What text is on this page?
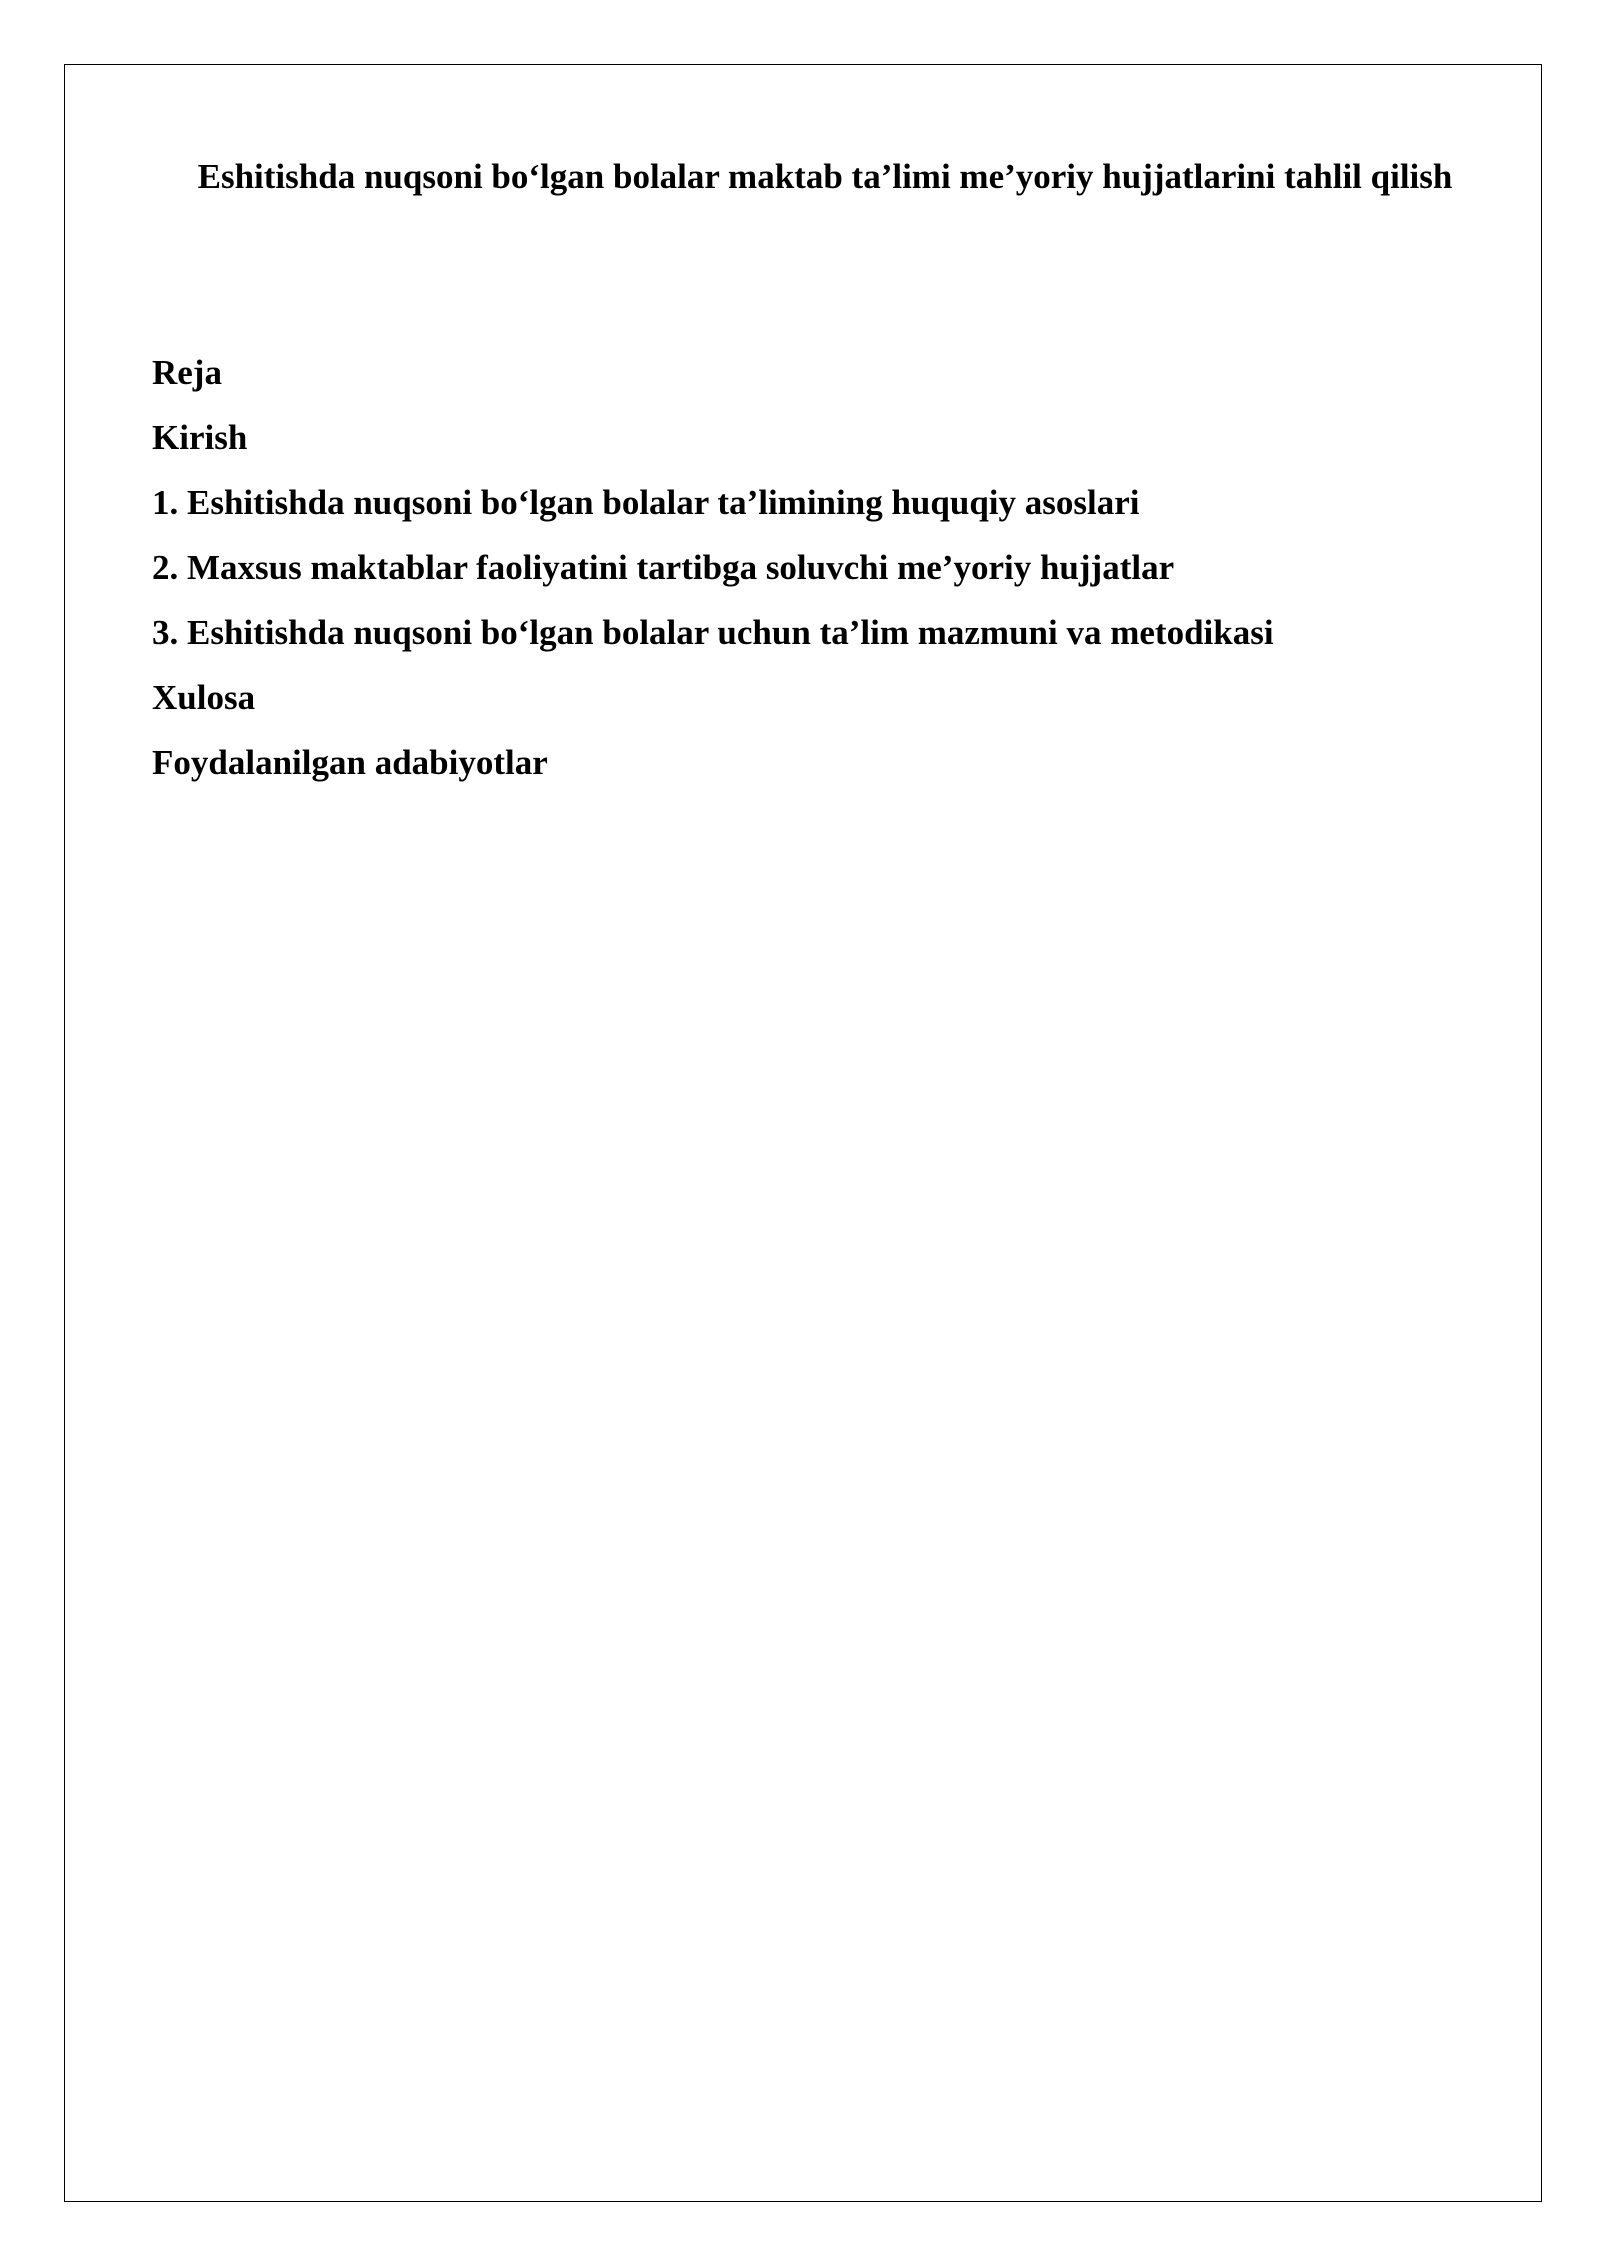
Eshitishda nuqsoni bo‘lgan bolalar maktab ta’limi me’yoriy hujjatlarini tahlil qilish
Reja
Kirish
1. Eshitishda nuqsoni bo‘lgan bolalar ta’limining huquqiy asoslari
2. Maxsus maktablar faoliyatini tartibga soluvchi me’yoriy hujjatlar
3. Eshitishda nuqsoni bo‘lgan bolalar uchun ta’lim mazmuni va metodikasi
Xulosa
Foydalanilgan adabiyotlar
